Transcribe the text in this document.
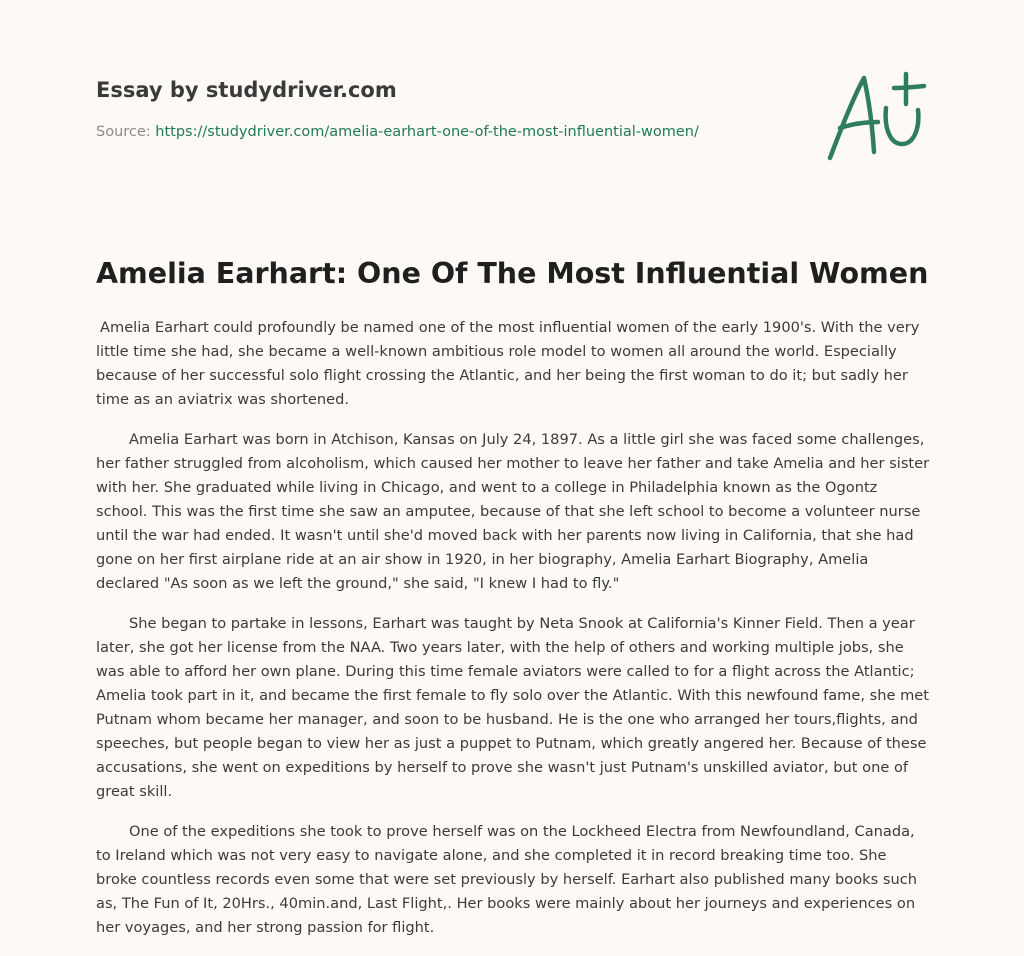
Essay by studydriver.com
Source: https://studydriver.com/amelia-earhart-one-of-the-most-influential-women/
Amelia Earhart: One Of The Most Influential Women

Amelia Earhart could profoundly be named one of the most influential women of the early 1900's. With the very little time she had, she became a well-known ambitious role model to women all around the world. Especially because of her successful solo flight crossing the Atlantic, and her being the first woman to do it; but sadly her time as an aviatrix was shortened.

Amelia Earhart was born in Atchison, Kansas on July 24, 1897. As a little girl she was faced some challenges, her father struggled from alcoholism, which caused her mother to leave her father and take Amelia and her sister with her. She graduated while living in Chicago, and went to a college in Philadelphia known as the Ogontz school. This was the first time she saw an amputee, because of that she left school to become a volunteer nurse until the war had ended. It wasn't until she'd moved back with her parents now living in California, that she had gone on her first airplane ride at an air show in 1920, in her biography, Amelia Earhart Biography, Amelia declared "As soon as we left the ground," she said, "I knew I had to fly."

She began to partake in lessons, Earhart was taught by Neta Snook at California's Kinner Field. Then a year later, she got her license from the NAA. Two years later, with the help of others and working multiple jobs, she was able to afford her own plane. During this time female aviators were called to for a flight across the Atlantic; Amelia took part in it, and became the first female to fly solo over the Atlantic. With this newfound fame, she met Putnam whom became her manager, and soon to be husband. He is the one who arranged her tours,flights, and speeches, but people began to view her as just a puppet to Putnam, which greatly angered her. Because of these accusations, she went on expeditions by herself to prove she wasn't just Putnam's unskilled aviator, but one of great skill.

One of the expeditions she took to prove herself was on the Lockheed Electra from Newfoundland, Canada, to Ireland which was not very easy to navigate alone, and she completed it in record breaking time too. She broke countless records even some that were set previously by herself. Earhart also published many books such as, The Fun of It, 20Hrs., 40min.and, Last Flight,. Her books were mainly about her journeys and experiences on her voyages, and her strong passion for flight.
